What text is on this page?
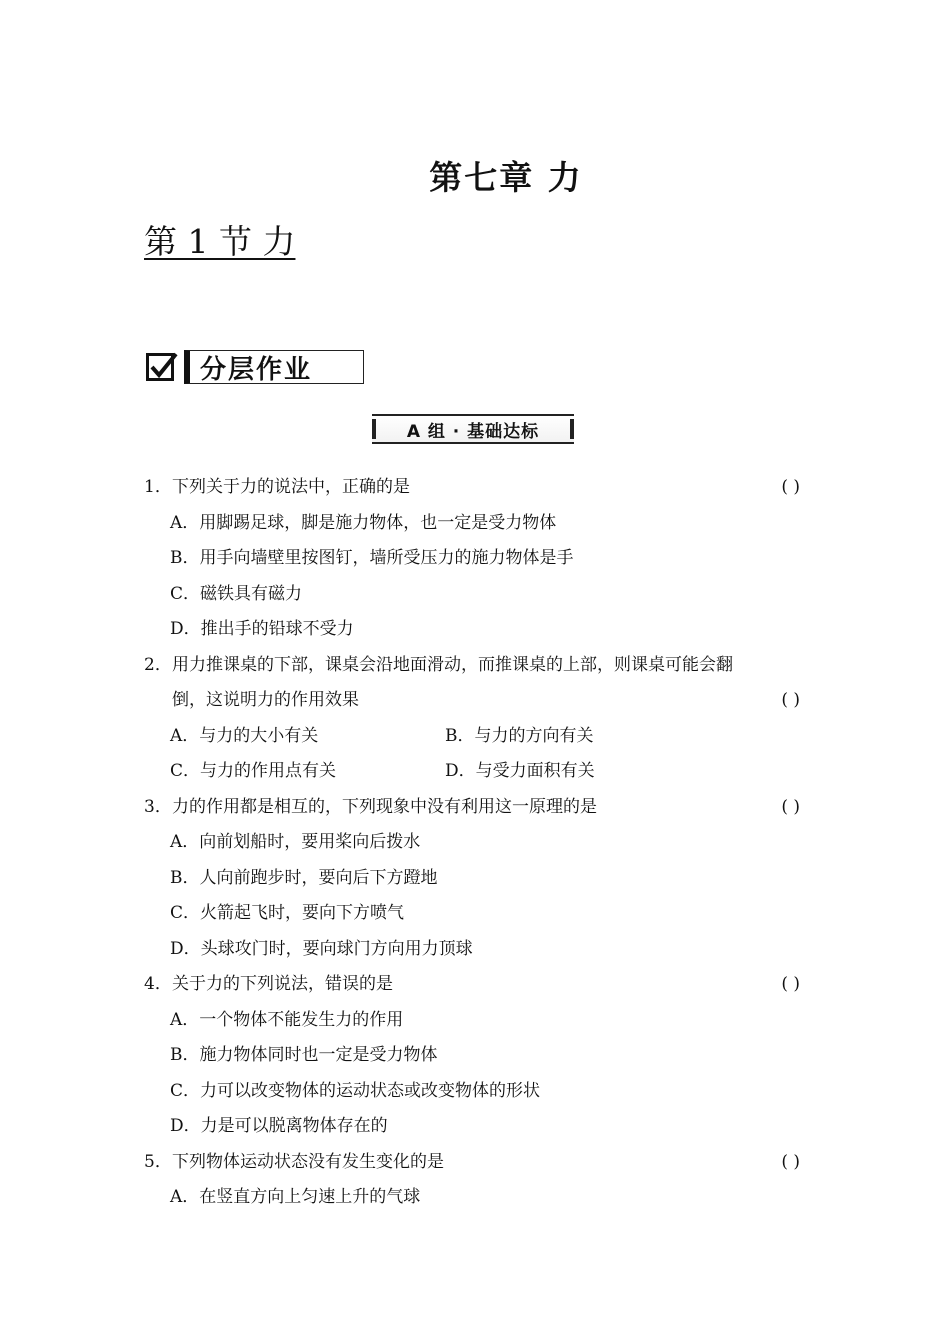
第七章 力
第 1 节 力
分层作业
A 组 · 基础达标
1． 下列关于力的说法中，正确的是	( )
A．用脚踢足球，脚是施力物体，也一定是受力物体
B．用手向墙壁里按图钉，墙所受压力的施力物体是手
C．磁铁具有磁力
D．推出手的铅球不受力
2． 用力推课桌的下部，课桌会沿地面滑动，而推课桌的上部，则课桌可能会翻
倒，这说明力的作用效果	( )
A．与力的大小有关	B．与力的方向有关
C．与力的作用点有关	D．与受力面积有关
3． 力的作用都是相互的，下列现象中没有利用这一原理的是	( )
A．向前划船时，要用桨向后拨水
B．人向前跑步时，要向后下方蹬地
C．火箭起飞时，要向下方喷气
D．头球攻门时，要向球门方向用力顶球
4． 关于力的下列说法，错误的是	( )
A．一个物体不能发生力的作用
B．施力物体同时也一定是受力物体
C．力可以改变物体的运动状态或改变物体的形状
D．力是可以脱离物体存在的
5． 下列物体运动状态没有发生变化的是	( )
A．在竖直方向上匀速上升的气球
